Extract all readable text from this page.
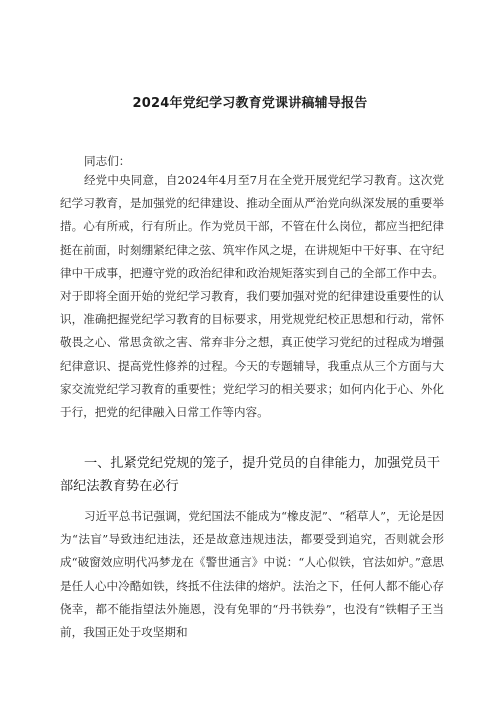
2024年党纪学习教育党课讲稿辅导报告

同志们：

经党中央同意，自2024年4月至7月在全党开展党纪学习教育。这次党纪学习教育，是加强党的纪律建设、推动全面从严治党向纵深发展的重要举措。心有所戒，行有所止。作为党员干部，不管在什么岗位，都应当把纪律挺在前面，时刻绷紧纪律之弦、筑牢作风之堤，在讲规矩中干好事、在守纪律中干成事，把遵守党的政治纪律和政治规矩落实到自己的全部工作中去。对于即将全面开始的党纪学习教育，我们要加强对党的纪律建设重要性的认识，准确把握党纪学习教育的目标要求，用党规党纪校正思想和行动，常怀敬畏之心、常思贪欲之害、常弃非分之想，真正使学习党纪的过程成为增强纪律意识、提高党性修养的过程。今天的专题辅导，我重点从三个方面与大家交流党纪学习教育的重要性；党纪学习的相关要求；如何内化于心、外化于行，把党的纪律融入日常工作等内容。

一、扎紧党纪党规的笼子，提升党员的自律能力，加强党员干部纪法教育势在必行

习近平总书记强调，党纪国法不能成为“橡皮泥”、“稻草人”，无论是因为“法盲”导致违纪违法，还是故意违规违法，都要受到追究，否则就会形成“破窗效应明代冯梦龙在《警世通言》中说：“人心似铁，官法如炉。”意思是任人心中冷酷如铁，终抵不住法律的熔炉。法治之下，任何人都不能心存侥幸，都不能指望法外施恩，没有免罪的“丹书铁券”，也没有“铁帽子王当前，我国正处于攻坚期和
